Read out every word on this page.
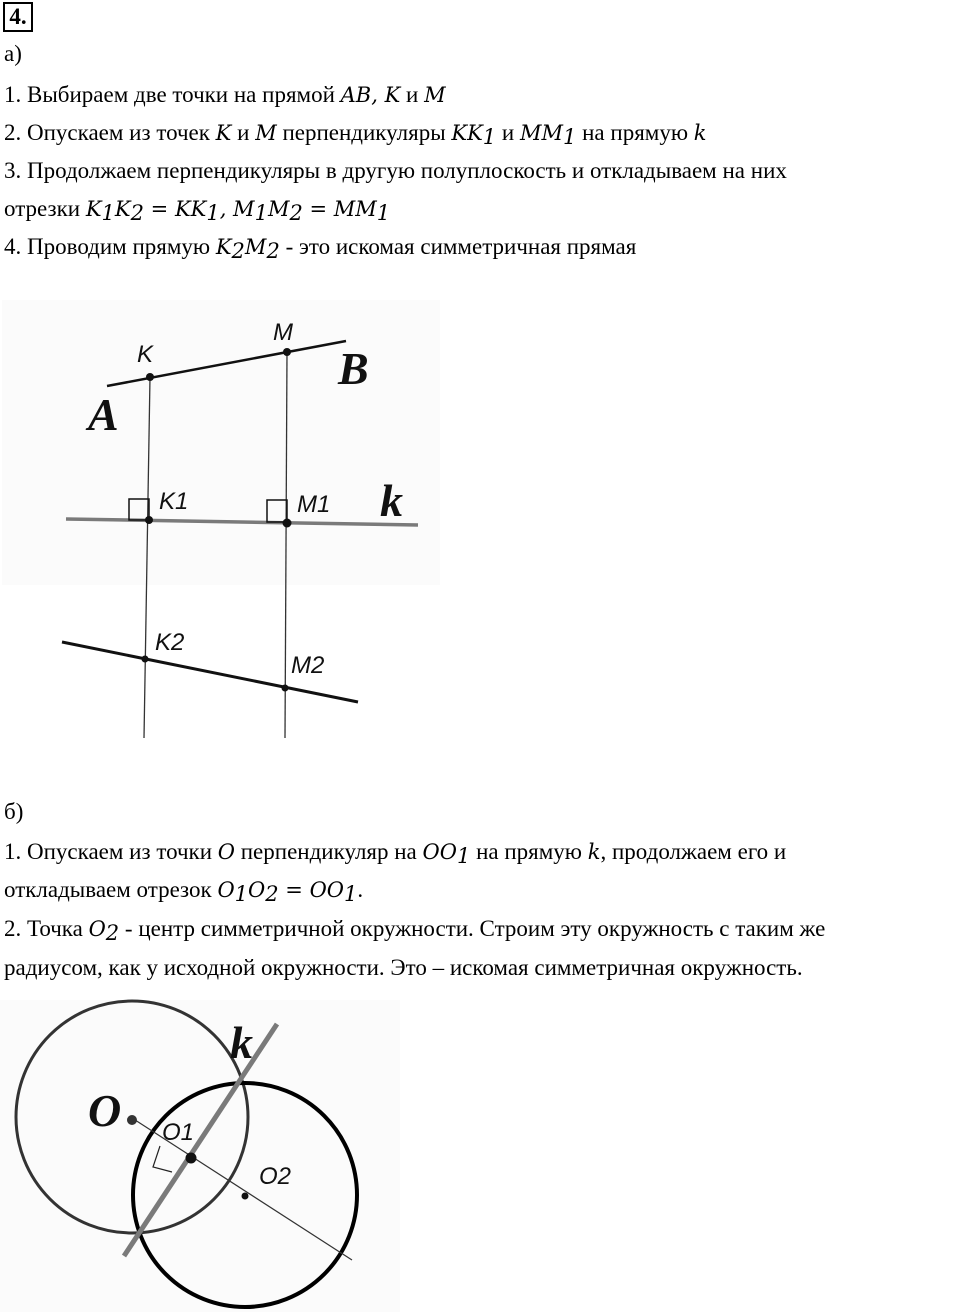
4.
а)
1. Выбираем две точки на прямой AB, K и M
2. Опускаем из точек K и M перпендикуляры $KK_1$ и $MM_1$ на прямую k
3. Продолжаем перпендикуляры в другую полуплоскость и откладываем на них
отрезки $K_1K_2 = KK_1$, $M_1M_2 = MM_1$
4. Проводим прямую $K_2M_2$ - это искомая симметричная прямая
K
M
B
A
K1	M1 k
K2
M2
б)
1. Опускаем из точки O перпендикуляр на $OO_1$ на прямую k, продолжаем его и
откладываем отрезок $O_1O_2 = OO_1$.
2. Точка $O_2$ - центр симметричной окружности. Строим эту окружность с таким же
радиусом, как у исходной окружности. Это – искомая симметричная окружность.
k
O O1
O2
